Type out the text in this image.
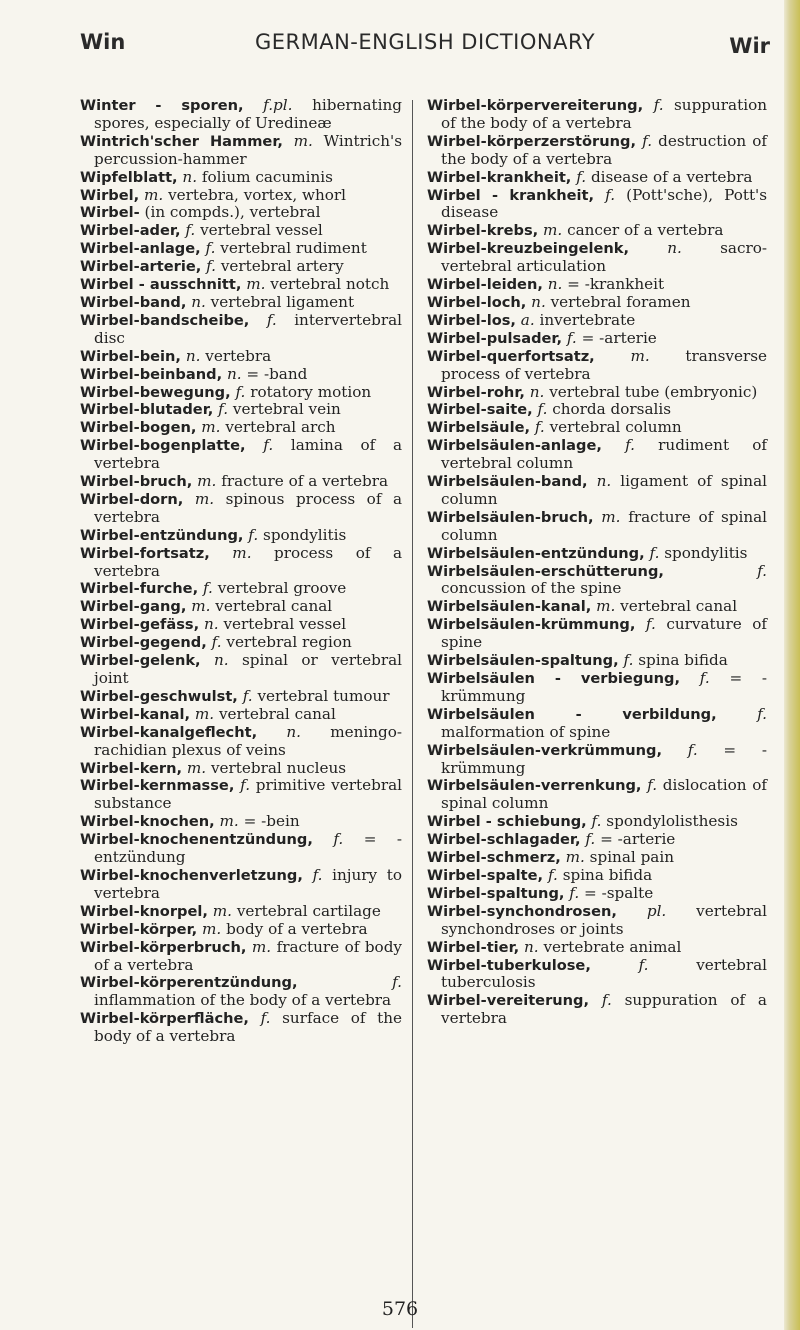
GERMAN-ENGLISH DICTIONARY
Win	Wir

Winter - sporen, f.pl. hibernating spores, especially of Uredineæ

Wintrich'scher Hammer, m. Wintrich's percussion-hammer

Wipfelblatt, n. folium cacuminis

Wirbel, m. vertebra, vortex, whorl

Wirbel- (in compds.), vertebral

Wirbel-ader, f. vertebral vessel

Wirbel-anlage, f. vertebral rudiment

Wirbel-arterie, f. vertebral artery

Wirbel - ausschnitt, m. vertebral notch

Wirbel-band, n. vertebral ligament

Wirbel-bandscheibe, f. intervertebral disc

Wirbel-bein, n. vertebra

Wirbel-beinband, n. = -band

Wirbel-bewegung, f. rotatory motion

Wirbel-blutader, f. vertebral vein

Wirbel-bogen, m. vertebral arch

Wirbel-bogenplatte, f. lamina of a vertebra

Wirbel-bruch, m. fracture of a vertebra

Wirbel-dorn, m. spinous process of a vertebra

Wirbel-entzündung, f. spondylitis

Wirbel-fortsatz, m. process of a vertebra

Wirbel-furche, f. vertebral groove

Wirbel-gang, m. vertebral canal

Wirbel-gefäss, n. vertebral vessel

Wirbel-gegend, f. vertebral region

Wirbel-gelenk, n. spinal or vertebral joint

Wirbel-geschwulst, f. vertebral tumour

Wirbel-kanal, m. vertebral canal

Wirbel-kanalgeflecht, n. meningo-rachidian plexus of veins

Wirbel-kern, m. vertebral nucleus

Wirbel-kernmasse, f. primitive vertebral substance

Wirbel-knochen, m. = -bein

Wirbel-knochenentzündung, f. = -entzündung

Wirbel-knochenverletzung, f. injury to vertebra

Wirbel-knorpel, m. vertebral cartilage

Wirbel-körper, m. body of a vertebra

Wirbel-körperbruch, m. fracture of body of a vertebra

Wirbel-körperentzündung,	f. inflammation of the body of a vertebra

Wirbel-körperfläche, f. surface of the body of a vertebra

Wirbel-körpervereiterung, f. suppuration of the body of a vertebra

Wirbel-körperzerstörung, f. destruction of the body of a vertebra

Wirbel-krankheit, f. disease of a vertebra

Wirbel - krankheit, f. (Pott'sche), Pott's disease

Wirbel-krebs, m. cancer of a vertebra

Wirbel-kreuzbeingelenk,	n.	sacro-vertebral articulation

Wirbel-leiden, n. = -krankheit

Wirbel-loch, n. vertebral foramen

Wirbel-los, a. invertebrate

Wirbel-pulsader, f. = -arterie

Wirbel-querfortsatz, m. transverse process of vertebra

Wirbel-rohr, n. vertebral tube (embryonic)

Wirbel-saite, f. chorda dorsalis

Wirbelsäule, f. vertebral column

Wirbelsäulen-anlage, f. rudiment of vertebral column

Wirbelsäulen-band, n. ligament of spinal column

Wirbelsäulen-bruch, m. fracture of spinal column

Wirbelsäulen-entzündung, f. spondylitis

Wirbelsäulen-erschütterung,	f. concussion of the spine

Wirbelsäulen-kanal, m. vertebral canal

Wirbelsäulen-krümmung, f. curvature of spine

Wirbelsäulen-spaltung, f. spina bifida

Wirbelsäulen - verbiegung, f. = -krümmung

Wirbelsäulen - verbildung,	f. malformation of spine

Wirbelsäulen-verkrümmung, f. = -krümmung

Wirbelsäulen-verrenkung, f. dislocation of spinal column

Wirbel - schiebung, f. spondylolisthesis

Wirbel-schlagader, f. = -arterie

Wirbel-schmerz, m. spinal pain

Wirbel-spalte, f. spina bifida

Wirbel-spaltung, f. = -spalte

Wirbel-synchondrosen, pl. vertebral synchondroses or joints

Wirbel-tier, n. vertebrate animal

Wirbel-tuberkulose,	f.	vertebral tuberculosis

Wirbel-vereiterung, f. suppuration of a vertebra

576
